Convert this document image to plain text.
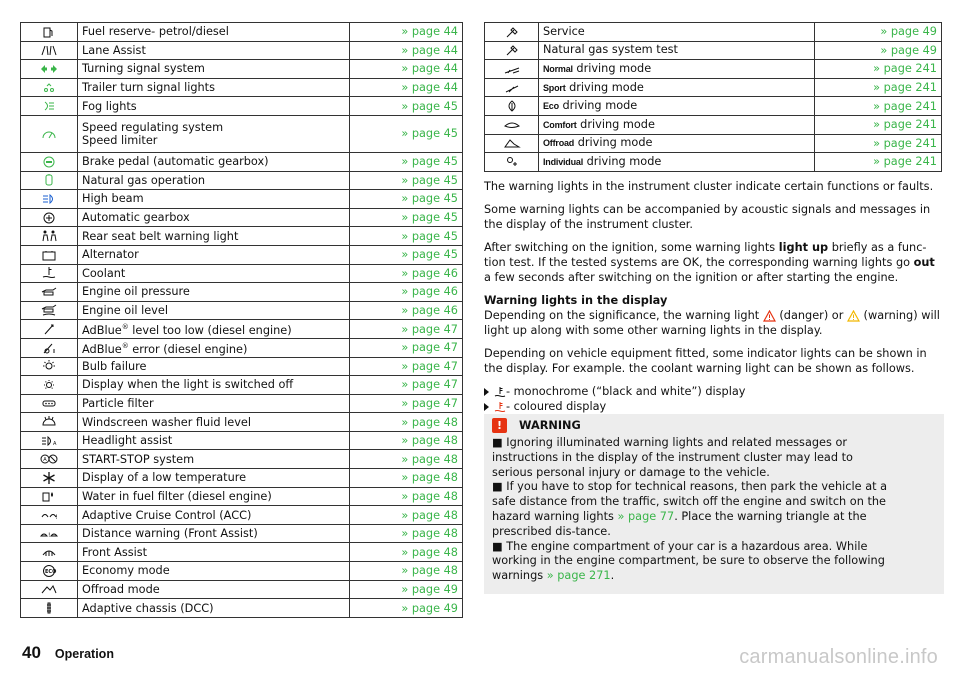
	Fuel reserve- petrol/diesel	» page 44
	Lane Assist	» page 44
	Turning signal system	» page 44
	Trailer turn signal lights	» page 44
	Fog lights	» page 45
	Speed regulating system
Speed limiter	» page 45
	Brake pedal (automatic gearbox)	» page 45
	Natural gas operation	» page 45
	High beam	» page 45
	Automatic gearbox	» page 45
	Rear seat belt warning light	» page 45
	Alternator	» page 45
	Coolant	» page 46
	Engine oil pressure	» page 46
	Engine oil level	» page 46
	AdBlue® level too low (diesel engine)	» page 47
	AdBlue® error (diesel engine)	» page 47
	Bulb failure	» page 47
	Display when the light is switched off	» page 47
	Particle filter	» page 47
	Windscreen washer fluid level	» page 48

A	Headlight assist	» page 48

A	START-STOP system	» page 48
	Display of a low temperature	» page 48
	Water in fuel filter (diesel engine)	» page 48

!	Adaptive Cruise Control (ACC)	» page 48

!	Distance warning (Front Assist)	» page 48
	Front Assist	» page 48

ECO	Economy mode	» page 48
	Offroad mode	» page 49
	Adaptive chassis (DCC)	» page 49
	Service	» page 49
	Natural gas system test	» page 49
	Normal driving mode	» page 241
	Sport driving mode	» page 241
	Eco driving mode	» page 241
	Comfort driving mode	» page 241
	Offroad driving mode	» page 241
	Individual driving mode	» page 241

The warning lights in the instrument cluster indicate certain functions or faults.

Some warning lights can be accompanied by acoustic signals and messages in the display of the instrument cluster.

After switching on the ignition, some warning lights light up briefly as a func-tion test. If the tested systems are OK, the corresponding warning lights go out a few seconds after switching on the ignition or after starting the engine.

Warning lights in the display
Depending on the significance, the warning light  (danger) or  (warning) will light up along with some other warning lights in the display.

Depending on vehicle equipment fitted, some indicator lights can be shown in the display. For example. the coolant warning light can be shown as follows.

- monochrome (“black and white”) display
- coloured display
!	WARNING

■ Ignoring illuminated warning lights and related messages or instructions in the display of the instrument cluster may lead to serious personal injury or damage to the vehicle.

■ If you have to stop for technical reasons, then park the vehicle at a safe distance from the traffic, switch off the engine and switch on the hazard warning lights » page 77. Place the warning triangle at the prescribed dis-tance.

■ The engine compartment of your car is a hazardous area. While working in the engine compartment, be sure to observe the following warnings » page 271.

40 Operation	carmanualsonline.info
